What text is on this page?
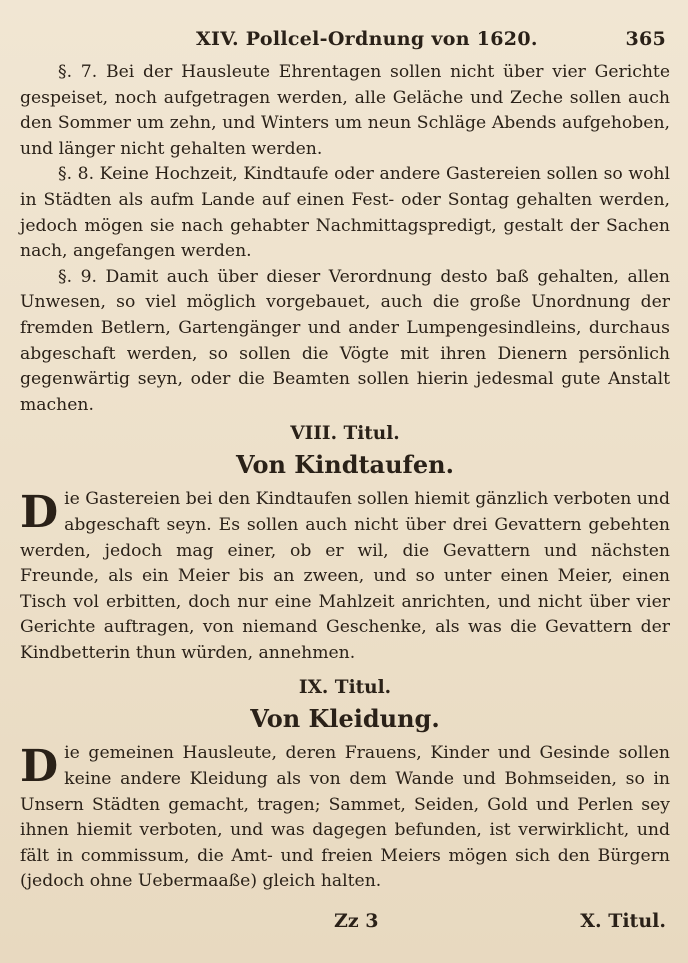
XIV. Pollcel-Ordnung von 1620.	365

§. 7. Bei der Hausleute Ehrentagen sollen nicht über vier Gerichte gespeiset, noch aufgetragen werden, alle Geläche und Zeche sollen auch den Sommer um zehn, und Winters um neun Schläge Abends aufgehoben, und länger nicht gehalten werden.

§. 8. Keine Hochzeit, Kindtaufe oder andere Gastereien sollen so wohl in Städten als aufm Lande auf einen Fest- oder Sontag gehalten werden, jedoch mögen sie nach gehabter Nachmittagspredigt, gestalt der Sachen nach, angefangen werden.

§. 9. Damit auch über dieser Verordnung desto baß gehalten, allen Unwesen, so viel möglich vorgebauet, auch die große Unordnung der fremden Betlern, Gartengänger und ander Lumpengesindleins, durchaus abgeschaft werden, so sollen die Vögte mit ihren Dienern persönlich gegenwärtig seyn, oder die Beamten sollen hierin jedesmal gute Anstalt machen.

VIII. Titul.
Von Kindtaufen.

D ie Gastereien bei den Kindtaufen sollen hiemit gänzlich verboten und abgeschaft seyn. Es sollen auch nicht über drei Gevattern gebehten werden, jedoch mag einer, ob er wil, die Gevattern und nächsten Freunde, als ein Meier bis an zween, und so unter einen Meier, einen Tisch vol erbitten, doch nur eine Mahlzeit anrichten, und nicht über vier Gerichte auftragen, von niemand Geschenke, als was die Gevattern der Kindbetterin thun würden, annehmen.

IX. Titul.
Von Kleidung.

D ie gemeinen Hausleute, deren Frauens, Kinder und Gesinde sollen keine andere Kleidung als von dem Wande und Bohmseiden, so in Unsern Städten gemacht, tragen; Sammet, Seiden, Gold und Perlen sey ihnen hiemit verboten, und was dagegen befunden, ist verwirklicht, und fält in commissum, die Amt- und freien Meiers mögen sich den Bürgern (jedoch ohne Uebermaaße) gleich halten.

Zz 3	X. Titul.
